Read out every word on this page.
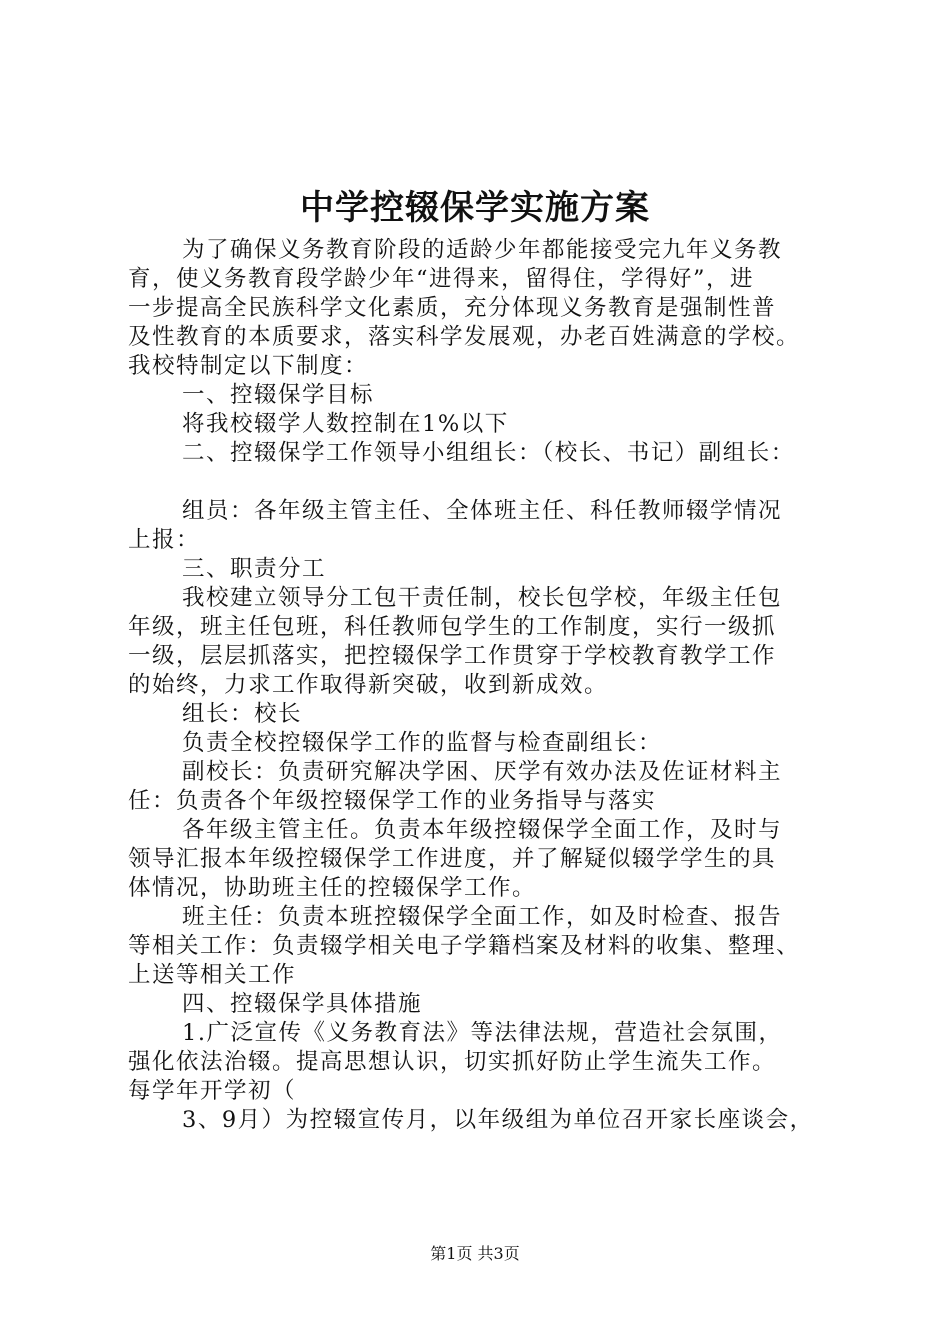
中学控辍保学实施方案
为了确保义务教育阶段的适龄少年都能接受完九年义务教
育，使义务教育段学龄少年“进得来，留得住，学得好”，进
一步提高全民族科学文化素质，充分体现义务教育是强制性普
及性教育的本质要求，落实科学发展观，办老百姓满意的学校。
我校特制定以下制度：
一、控辍保学目标
将我校辍学人数控制在1%以下
二、控辍保学工作领导小组组长：（校长、书记）副组长：
组员：各年级主管主任、全体班主任、科任教师辍学情况
上报：
三、职责分工
我校建立领导分工包干责任制，校长包学校，年级主任包
年级，班主任包班，科任教师包学生的工作制度，实行一级抓
一级，层层抓落实，把控辍保学工作贯穿于学校教育教学工作
的始终，力求工作取得新突破，收到新成效。
组长：校长
负责全校控辍保学工作的监督与检查副组长：
副校长：负责研究解决学困、厌学有效办法及佐证材料主
任：负责各个年级控辍保学工作的业务指导与落实
各年级主管主任。负责本年级控辍保学全面工作，及时与
领导汇报本年级控辍保学工作进度，并了解疑似辍学学生的具
体情况，协助班主任的控辍保学工作。
班主任：负责本班控辍保学全面工作，如及时检查、报告
等相关工作：负责辍学相关电子学籍档案及材料的收集、整理、
上送等相关工作
四、控辍保学具体措施
1.广泛宣传《义务教育法》等法律法规，营造社会氛围，
强化依法治辍。提高思想认识，切实抓好防止学生流失工作。
每学年开学初（
3、9月）为控辍宣传月，以年级组为单位召开家长座谈会，
第1页 共3页
